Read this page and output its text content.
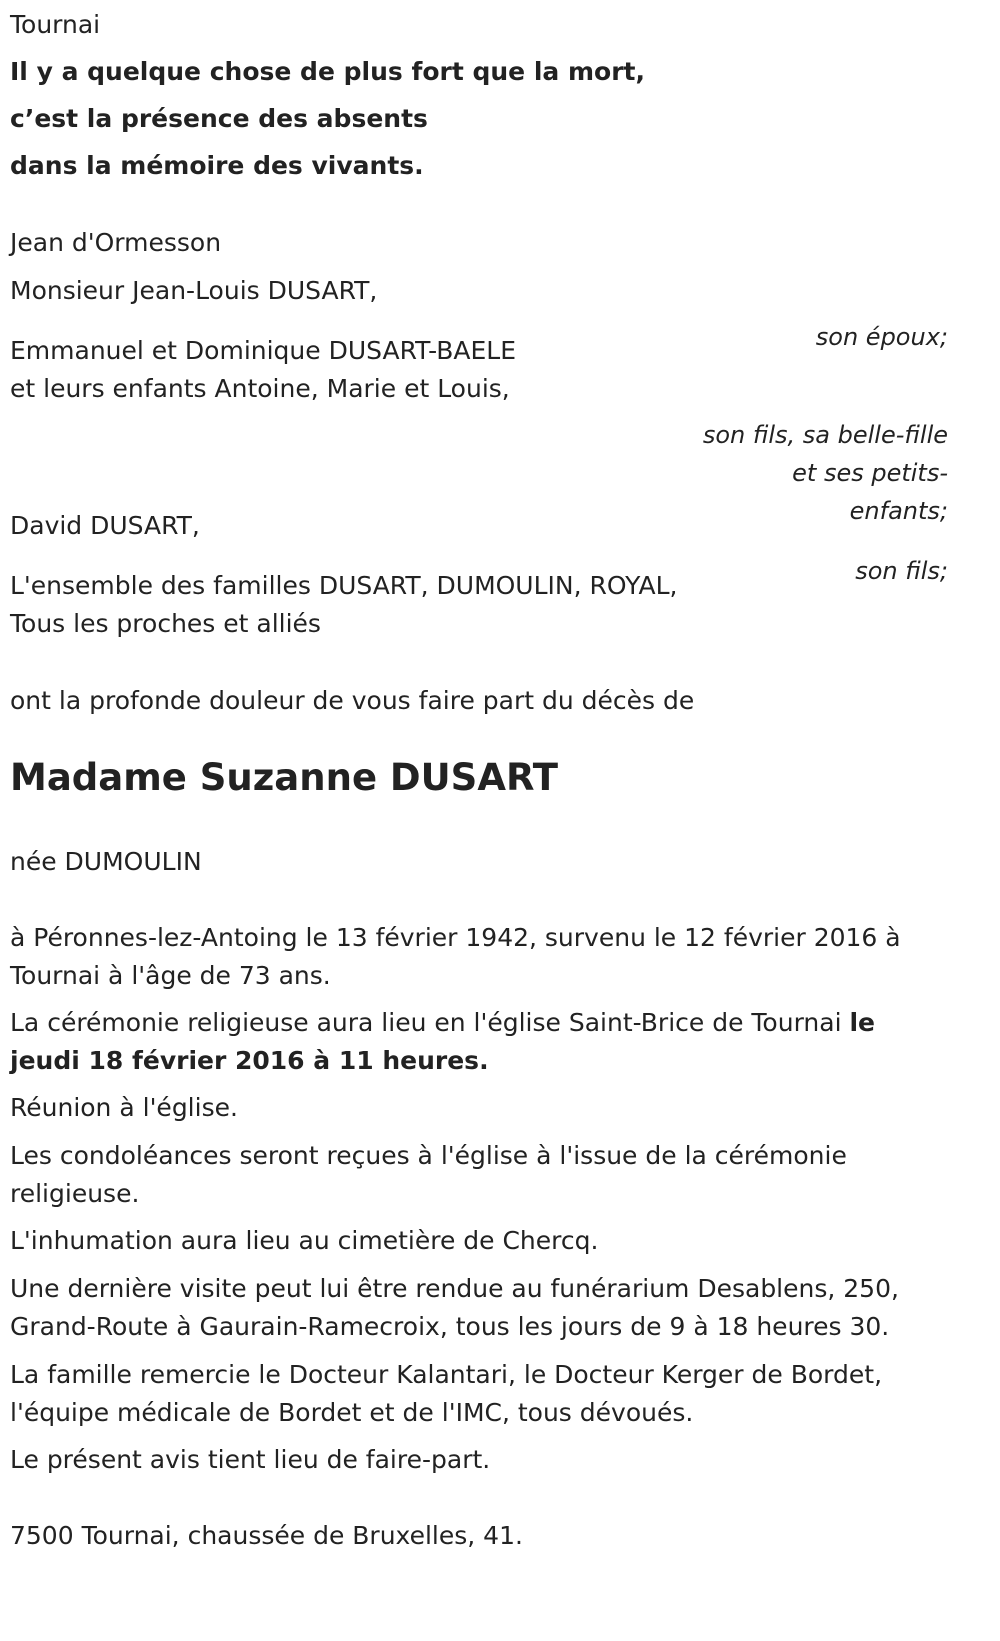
Tournai

Il y a quelque chose de plus fort que la mort,

c’est la présence des absents

dans la mémoire des vivants.

Jean d'Ormesson

Monsieur Jean-Louis DUSART,

son époux;

Emmanuel et Dominique DUSART-BAELE

et leurs enfants Antoine, Marie et Louis,

son fils, sa belle-fille

et ses petits-

enfants;

David DUSART,

son fils;

L'ensemble des familles DUSART, DUMOULIN, ROYAL,

Tous les proches et alliés

ont la profonde douleur de vous faire part du décès de

Madame Suzanne DUSART

née DUMOULIN

à Péronnes-lez-Antoing le 13 février 1942, survenu le 12 février 2016 à

Tournai à l'âge de 73 ans.

La cérémonie religieuse aura lieu en l'église Saint-Brice de Tournai le

jeudi 18 février 2016 à 11 heures.

Réunion à l'église.

Les condoléances seront reçues à l'église à l'issue de la cérémonie

religieuse.

L'inhumation aura lieu au cimetière de Chercq.

Une dernière visite peut lui être rendue au funérarium Desablens, 250,

Grand-Route à Gaurain-Ramecroix, tous les jours de 9 à 18 heures 30.

La famille remercie le Docteur Kalantari, le Docteur Kerger de Bordet,

l'équipe médicale de Bordet et de l'IMC, tous dévoués.

Le présent avis tient lieu de faire-part.

7500 Tournai, chaussée de Bruxelles, 41.
